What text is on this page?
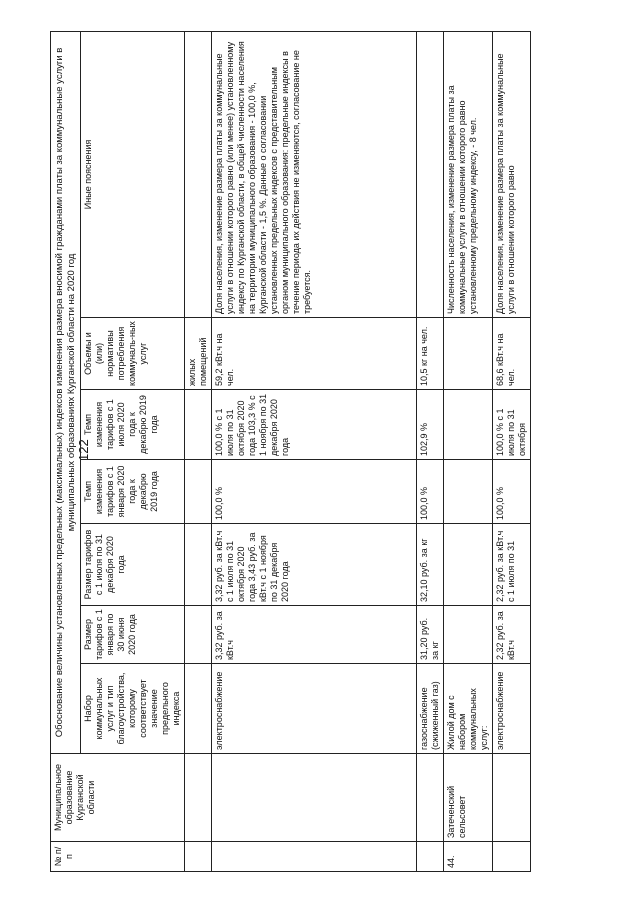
122
№ п/п	Муниципальное образование Курганской области	Обоснование величины установленных предельных (максимальных) индексов изменения размера вносимой гражданами платы за коммунальные услуги в муниципальных образованиях Курганской области на 2020 год						
		Набор коммунальных услуг и тип благоустройства, которому соответствует значение предельного индекса	Размер тарифов с 1 января по 30 июня 2020 года	Размер тарифов с 1 июля по 31 декабря 2020 года	Темп изменения тарифов с 1 января 2020 года к декабрю 2019 года	Темп изменения тарифов с 1 июля 2020 года к декабрю 2019 года	Объемы и (или) нормативы потребления коммуналь-ных услуг	Иные пояснения
							жилых помещений	
		электроснабжение	3,32 руб. за кВт.ч	3,32 руб. за кВт.ч с 1 июля по 31 октября 2020 года 3,43 руб. за кВт.ч с 1 ноября по 31 декабря 2020 года	100,0 %	100,0 % с 1 июля по 31 октября 2020 года 103,3 % с 1 ноября по 31 декабря 2020 года	59,2 кВт.ч на чел.	Доля населения, изменение размера платы за коммунальные услуги в отношении которого равно (или менее) установленному индексу по Курганской области, в общей численности населения на территории муниципального образования - 100,0 %, Курганской области - 1,5 %. Данные о согласовании установленных предельных индексов с представительным органом муниципального образования: предельные индексы в течение периода их действия не изменяются, согласование не требуется.
		газоснабжение (сжиженный газ)	31,20 руб. за кг	32,10 руб. за кг	100,0 %	102,9 %	10,5 кг на чел.	
44.	Затеченский сельсовет	Жилой дом с набором коммунальных услуг:						Численность населения, изменение размера платы за коммунальные услуги в отношении которого равно установленному предельному индексу, - 8 чел.
		электроснабжение	2,32 руб. за кВт.ч	2,32 руб. за кВт.ч с 1 июля по 31	100,0 %	100,0 % с 1 июля по 31 октября	68,6 кВт.ч на чел.	Доля населения, изменение размера платы за коммунальные услуги в отношении которого равно
